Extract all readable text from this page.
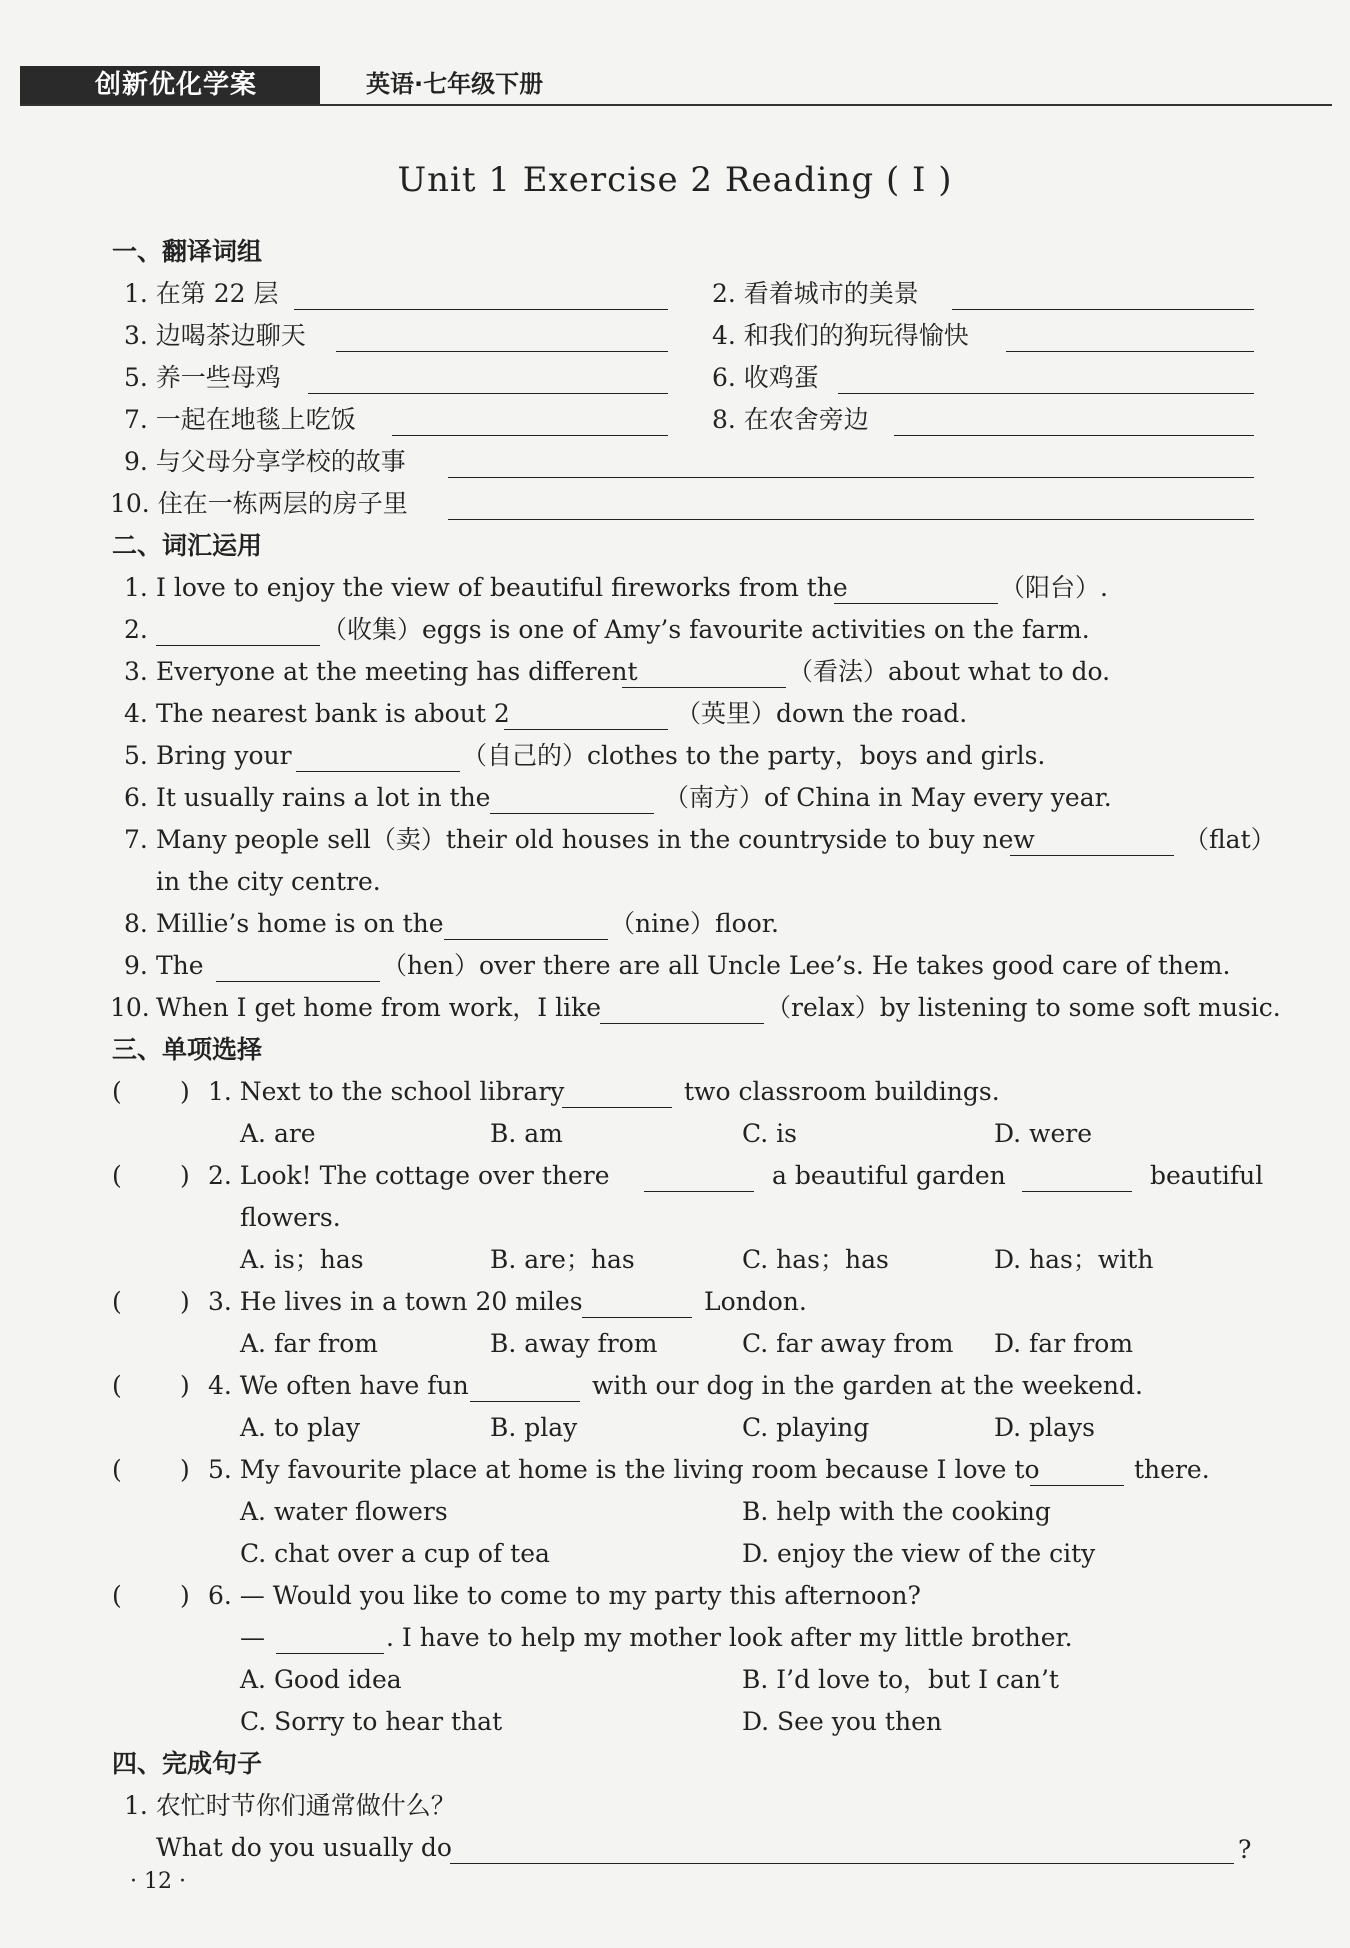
创新优化学案	英语·七年级下册
Unit 1 Exercise 2 Reading ( Ⅰ )
一、翻译词组
1. 在第 22 层	2. 看着城市的美景
3. 边喝茶边聊天	4. 和我们的狗玩得愉快
5. 养一些母鸡	6. 收鸡蛋
7. 一起在地毯上吃饭	8. 在农舍旁边
9. 与父母分享学校的故事
10. 住在一栋两层的房子里
二、词汇运用
1. I love to enjoy the view of beautiful fireworks from the	（阳台）.
2.	（收集）eggs is one of Amy’s favourite activities on the farm.
3. Everyone at the meeting has different	（看法）about what to do.
4. The nearest bank is about 2	（英里）down the road.
5. Bring your	（自己的）clothes to the party，boys and girls.
6. It usually rains a lot in the	（南方）of China in May every year.
7. Many people sell（卖）their old houses in the countryside to buy new	（flat）
in the city centre.
8. Millie’s home is on the	（nine）floor.
9. The	（hen）over there are all Uncle Lee’s. He takes good care of them.
10. When I get home from work，I like	（relax）by listening to some soft music.
三、单项选择
( ) 1. Next to the school library	two classroom buildings.
A. are	B. am	C. is	D. were
( ) 2. Look! The cottage over there	a beautiful garden	beautiful
flowers.
A. is；has	B. are；has	C. has；has	D. has；with
( ) 3. He lives in a town 20 miles	London.
A. far from	B. away from	C. far away from D. far from
( ) 4. We often have fun	with our dog in the garden at the weekend.
A. to play	B. play	C. playing	D. plays
( ) 5. My favourite place at home is the living room because I love to	there.
A. water flowers	B. help with the cooking
C. chat over a cup of tea	D. enjoy the view of the city
( ) 6. — Would you like to come to my party this afternoon?
—	. I have to help my mother look after my little brother.
A. Good idea	B. I’d love to，but I can’t
C. Sorry to hear that	D. See you then
四、完成句子
1. 农忙时节你们通常做什么？
What do you usually do	?
· 12 ·
